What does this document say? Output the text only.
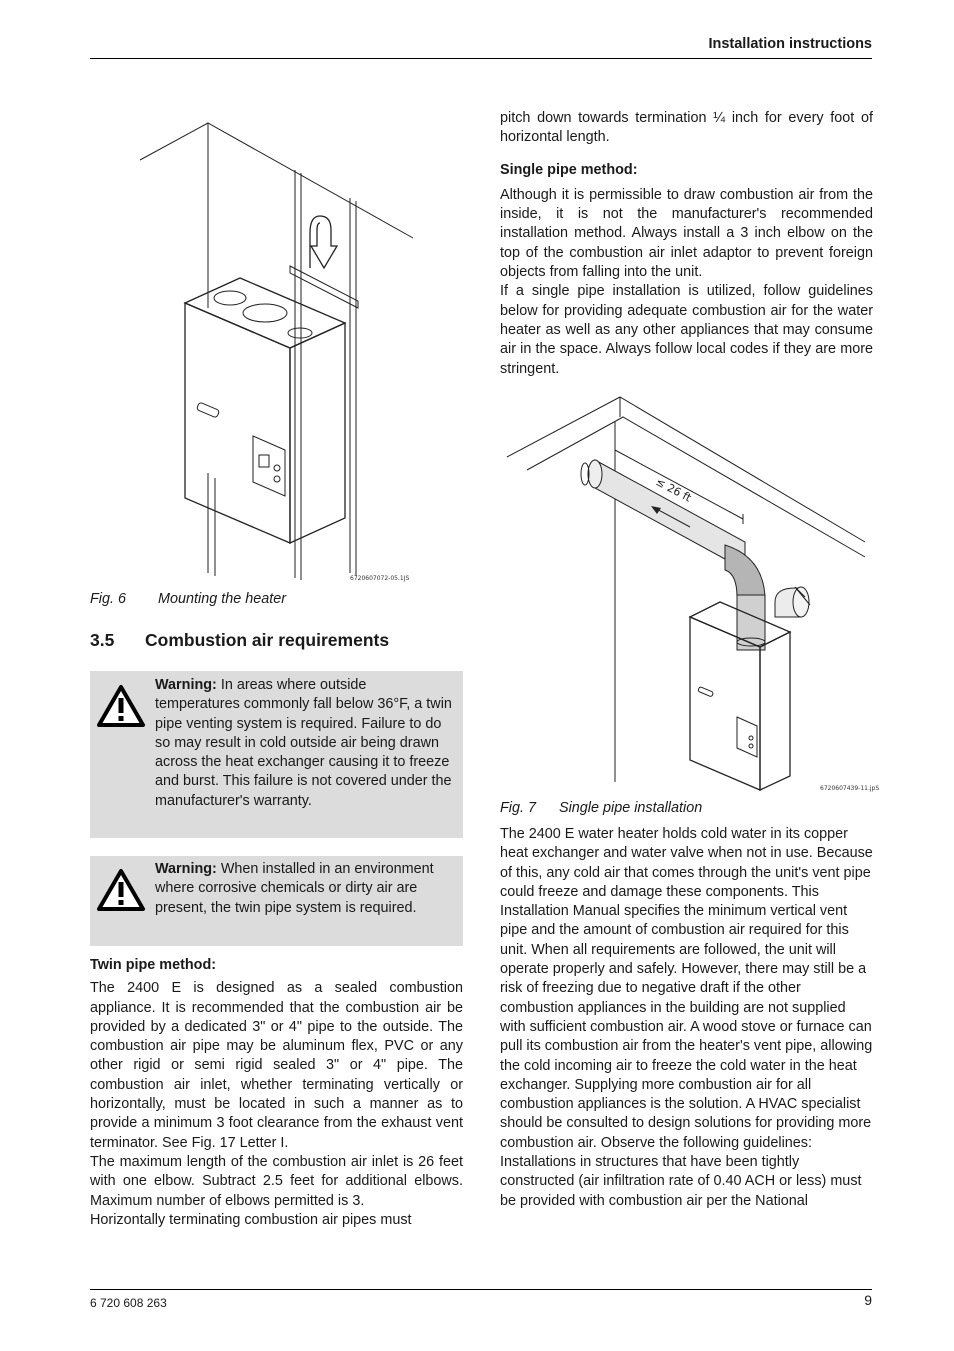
Installation instructions
6 720 608 263	9
6720607072-05.1JS
Fig. 6 Mounting the heater
3.5 Combustion air requirements
Warning: In areas where outside temperatures commonly fall below 36°F, a twin pipe venting system is required. Failure to do so may result in cold outside air being drawn across the heat exchanger causing it to freeze and burst. This failure is not covered under the manufacturer's warranty.
Warning: When installed in an environment where corrosive chemicals or dirty air are present, the twin pipe system is required.

Twin pipe method:

The 2400 E is designed as a sealed combustion appliance. It is recommended that the combustion air be provided by a dedicated 3" or 4" pipe to the outside. The combustion air pipe may be aluminum flex, PVC or any other rigid or semi rigid sealed 3" or 4" pipe. The combustion air inlet, whether terminating vertically or horizontally, must be located in such a manner as to provide a minimum 3 foot clearance from the exhaust vent terminator. See Fig. 17 Letter I.

The maximum length of the combustion air inlet is 26 feet with one elbow. Subtract 2.5 feet for additional elbows. Maximum number of elbows permitted is 3.

Horizontally terminating combustion air pipes must

pitch down towards termination ¼ inch for every foot of horizontal length.

Single pipe method:

Although it is permissible to draw combustion air from the inside, it is not the manufacturer's recommended installation method. Always install a 3 inch elbow on the top of the combustion air inlet adaptor to prevent foreign objects from falling into the unit.

If a single pipe installation is utilized, follow guidelines below for providing adequate combustion air for the water heater as well as any other appliances that may consume air in the space. Always follow local codes if they are more stringent.

≤ 26 ft
6720607439-11.jpS
Fig. 7 Single pipe installation

The 2400 E water heater holds cold water in its copper heat exchanger and water valve when not in use. Because of this, any cold air that comes through the unit's vent pipe could freeze and damage these components. This Installation Manual specifies the minimum vertical vent pipe and the amount of combustion air required for this unit. When all requirements are followed, the unit will operate properly and safely. However, there may still be a risk of freezing due to negative draft if the other combustion appliances in the building are not supplied with sufficient combustion air. A wood stove or furnace can pull its combustion air from the heater's vent pipe, allowing the cold incoming air to freeze the cold water in the heat exchanger. Supplying more combustion air for all combustion appliances is the solution. A HVAC specialist should be consulted to design solutions for providing more combustion air. Observe the following guidelines:

Installations in structures that have been tightly constructed (air infiltration rate of 0.40 ACH or less) must be provided with combustion air per the National
